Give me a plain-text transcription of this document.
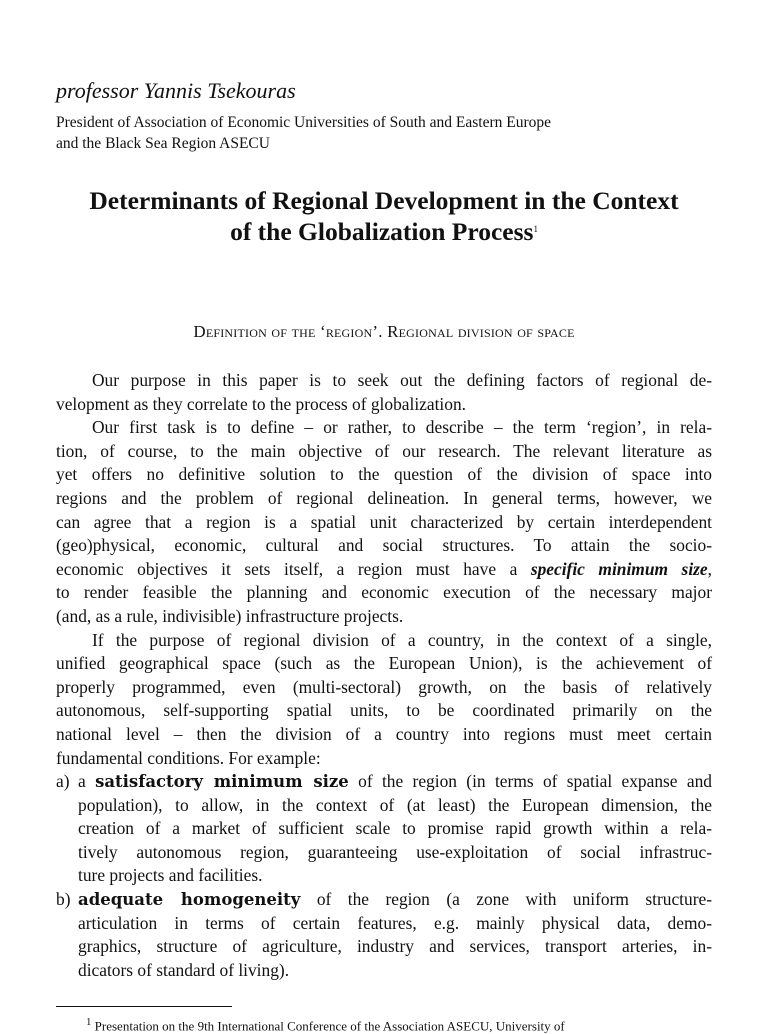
professor Yannis Tsekouras
President of Association of Economic Universities of South and Eastern Europe
and the Black Sea Region ASECU
Determinants of Regional Development in the Context
of the Globalization Process$^1$
Definition of the ‘region’. Regional division of space
Our purpose in this paper is to seek out the defining factors of regional de-
velopment as they correlate to the process of globalization.
Our first task is to define – or rather, to describe – the term ‘region’, in rela-
tion, of course, to the main objective of our research. The relevant literature as
yet offers no definitive solution to the question of the division of space into
regions and the problem of regional delineation. In general terms, however, we
can agree that a region is a spatial unit characterized by certain interdependent
(geo)physical, economic, cultural and social structures. To attain the socio-
economic objectives it sets itself, a region must have a specific minimum size,
to render feasible the planning and economic execution of the necessary major
(and, as a rule, indivisible) infrastructure projects.
If the purpose of regional division of a country, in the context of a single,
unified geographical space (such as the European Union), is the achievement of
properly programmed, even (multi-sectoral) growth, on the basis of relatively
autonomous, self-supporting spatial units, to be coordinated primarily on the
national level – then the division of a country into regions must meet certain
fundamental conditions. For example:
a) a satisfactory minimum size of the region (in terms of spatial expanse and
population), to allow, in the context of (at least) the European dimension, the
creation of a market of sufficient scale to promise rapid growth within a rela-
tively autonomous region, guaranteeing use-exploitation of social infrastruc-
ture projects and facilities.
b) adequate homogeneity of the region (a zone with uniform structure-
articulation in terms of certain features, e.g. mainly physical data, demo-
graphics, structure of agriculture, industry and services, transport arteries, in-
dicators of standard of living).
$^1$ Presentation on the 9th International Conference of the Association ASECU, University of
